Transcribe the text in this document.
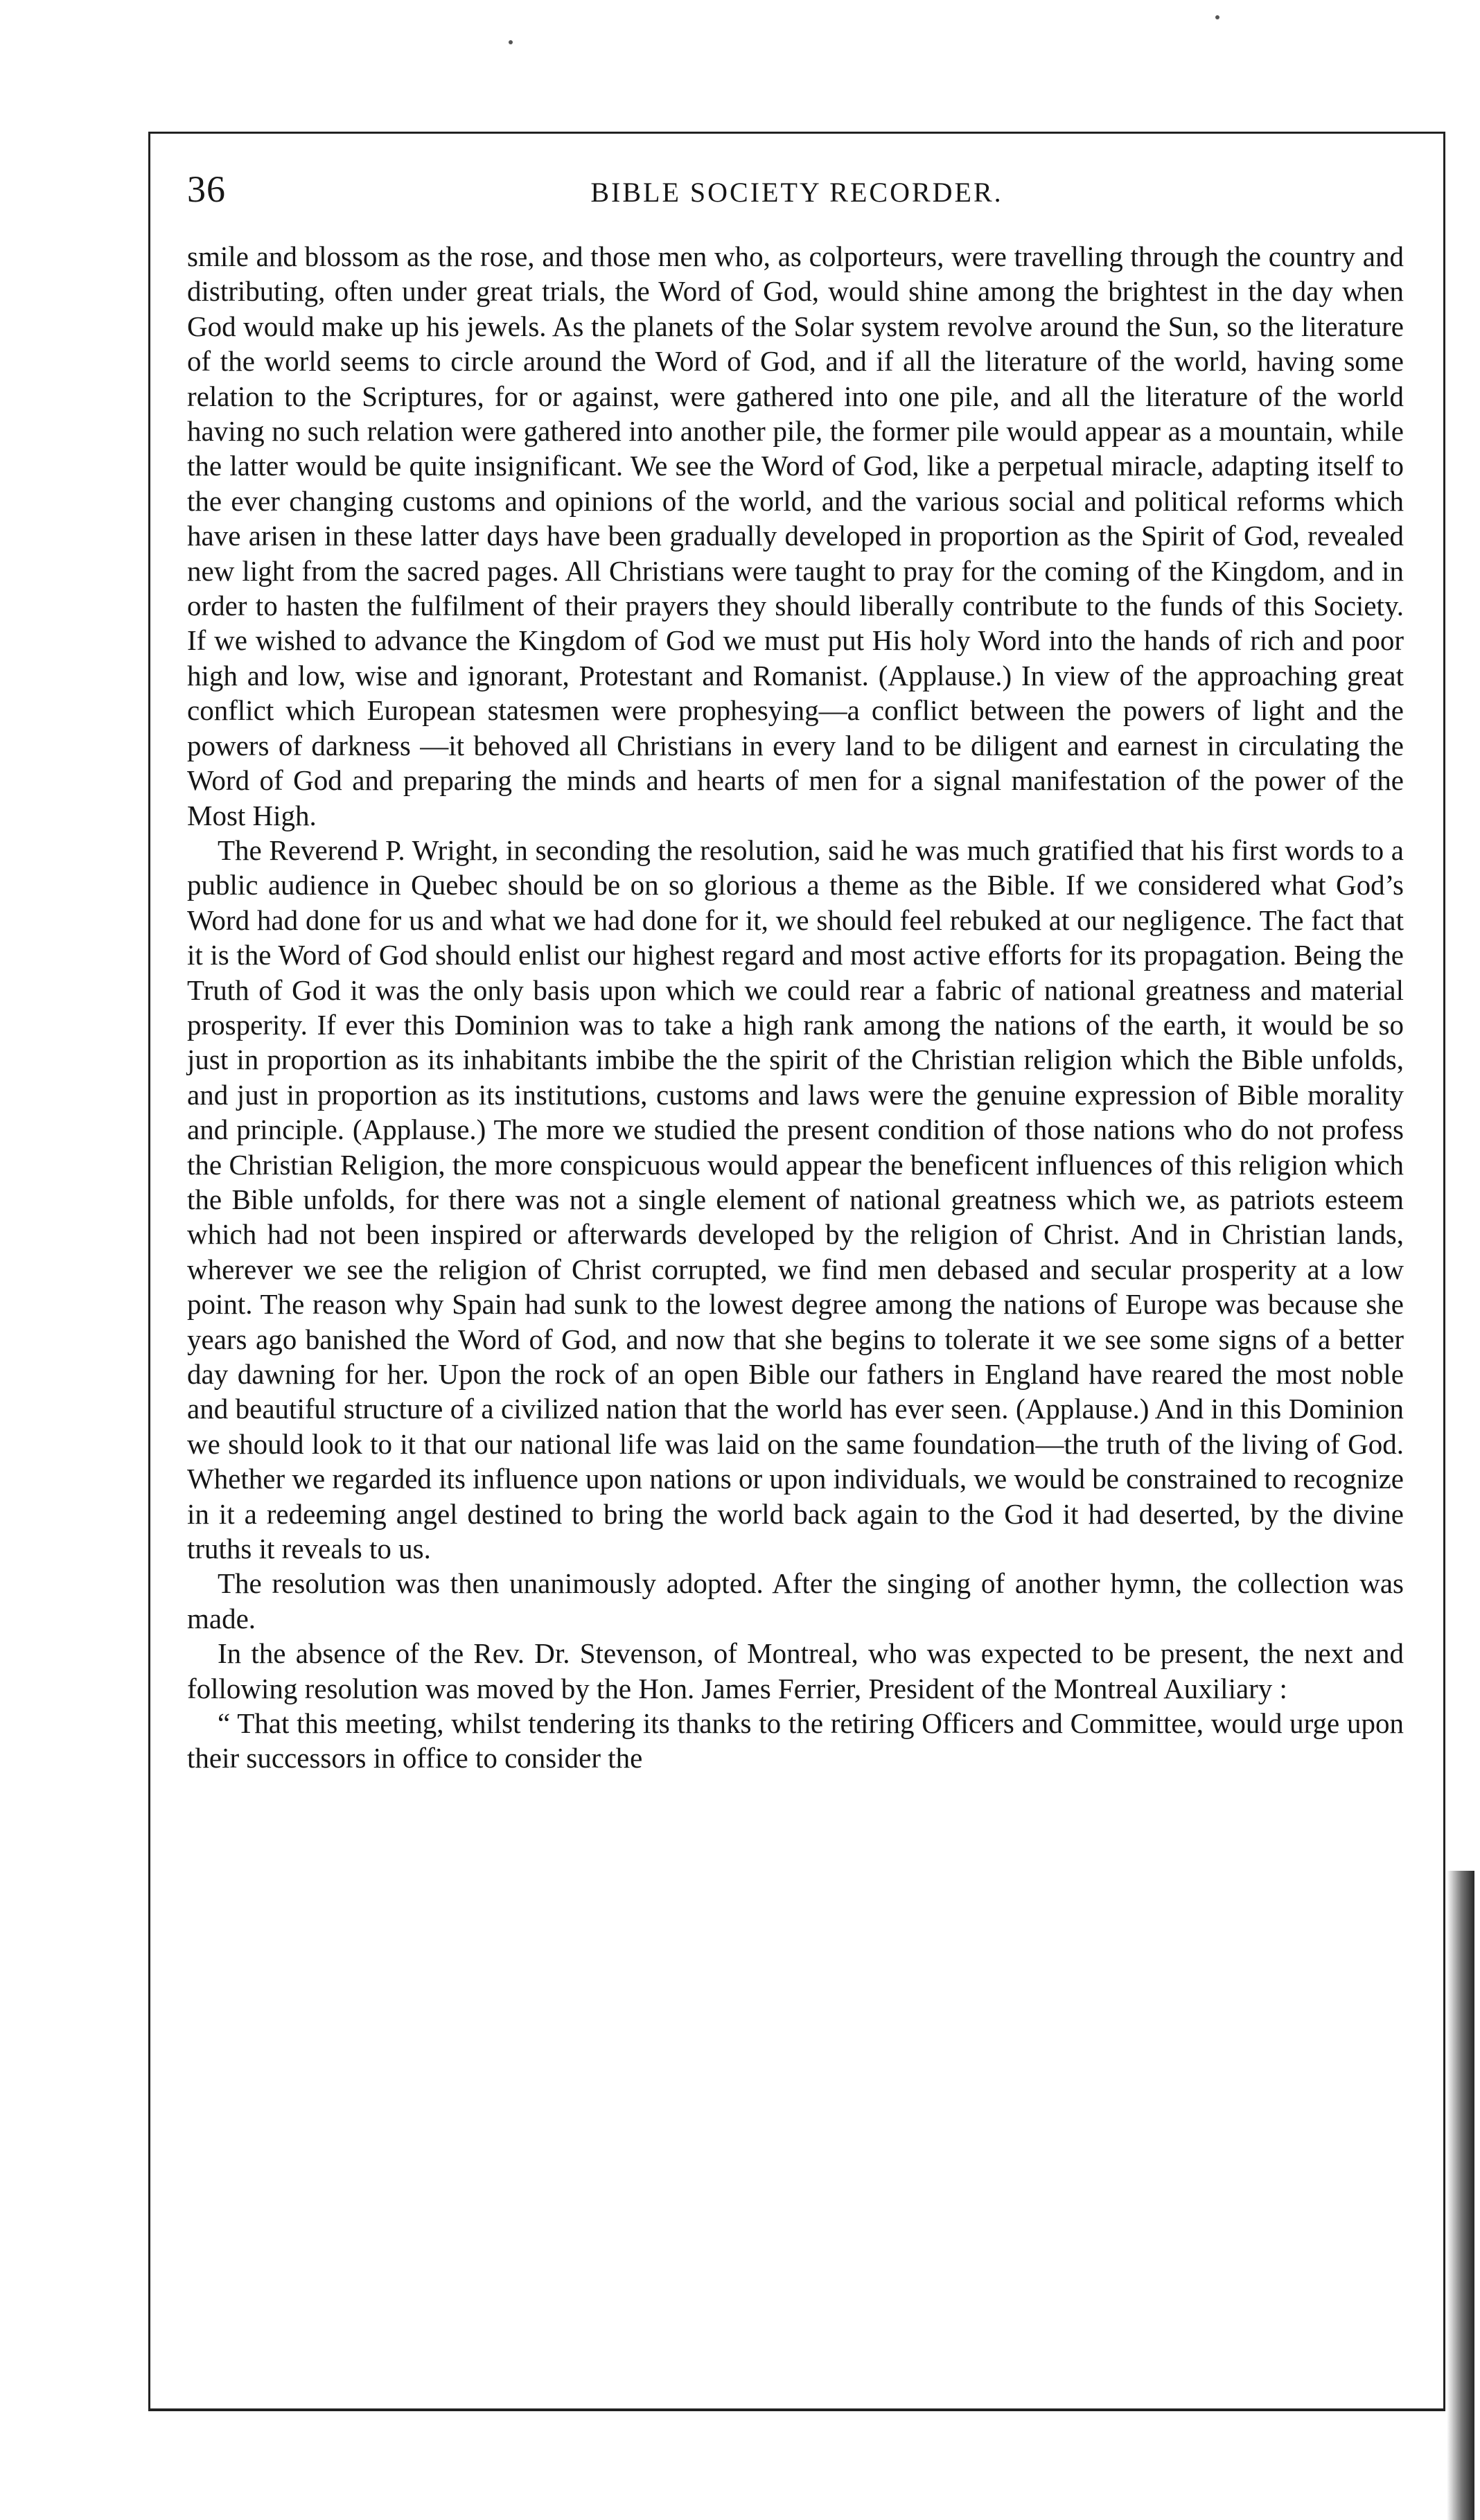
36	BIBLE SOCIETY RECORDER.

smile and blossom as the rose, and those men who, as colporteurs, were travelling through the country and distributing, often under great trials, the Word of God, would shine among the brightest in the day when God would make up his jewels. As the planets of the Solar system revolve around the Sun, so the literature of the world seems to circle around the Word of God, and if all the literature of the world, having some relation to the Scriptures, for or against, were gathered into one pile, and all the literature of the world having no such relation were gathered into another pile, the former pile would appear as a mountain, while the latter would be quite insignificant. We see the Word of God, like a perpetual miracle, adapting itself to the ever changing customs and opinions of the world, and the various social and political reforms which have arisen in these latter days have been gradually developed in proportion as the Spirit of God, revealed new light from the sacred pages. All Christians were taught to pray for the coming of the Kingdom, and in order to hasten the fulfilment of their prayers they should liberally contribute to the funds of this Society. If we wished to advance the Kingdom of God we must put His holy Word into the hands of rich and poor high and low, wise and ignorant, Protestant and Romanist. (Applause.) In view of the approaching great conflict which European statesmen were prophesying—a conflict between the powers of light and the powers of darkness —it behoved all Christians in every land to be diligent and earnest in circulating the Word of God and preparing the minds and hearts of men for a signal manifestation of the power of the Most High.

The Reverend P. Wright, in seconding the resolution, said he was much gratified that his first words to a public audience in Quebec should be on so glorious a theme as the Bible. If we considered what God’s Word had done for us and what we had done for it, we should feel rebuked at our negligence. The fact that it is the Word of God should enlist our highest regard and most active efforts for its propagation. Being the Truth of God it was the only basis upon which we could rear a fabric of national greatness and material prosperity. If ever this Dominion was to take a high rank among the nations of the earth, it would be so just in proportion as its inhabitants imbibe the the spirit of the Christian religion which the Bible unfolds, and just in proportion as its institutions, customs and laws were the genuine expression of Bible morality and principle. (Applause.) The more we studied the present condition of those nations who do not profess the Christian Religion, the more conspicuous would appear the beneficent influences of this religion which the Bible unfolds, for there was not a single element of national greatness which we, as patriots esteem which had not been inspired or afterwards developed by the religion of Christ. And in Christian lands, wherever we see the religion of Christ corrupted, we find men debased and secular prosperity at a low point. The reason why Spain had sunk to the lowest degree among the nations of Europe was because she years ago banished the Word of God, and now that she begins to tolerate it we see some signs of a better day dawning for her. Upon the rock of an open Bible our fathers in England have reared the most noble and beautiful structure of a civilized nation that the world has ever seen. (Applause.) And in this Dominion we should look to it that our national life was laid on the same foundation—the truth of the living of God. Whether we regarded its influence upon nations or upon individuals, we would be constrained to recognize in it a redeeming angel destined to bring the world back again to the God it had deserted, by the divine truths it reveals to us.

The resolution was then unanimously adopted. After the singing of another hymn, the collection was made.

In the absence of the Rev. Dr. Stevenson, of Montreal, who was expected to be present, the next and following resolution was moved by the Hon. James Ferrier, President of the Montreal Auxiliary :

“ That this meeting, whilst tendering its thanks to the retiring Officers and Committee, would urge upon their successors in office to consider the
